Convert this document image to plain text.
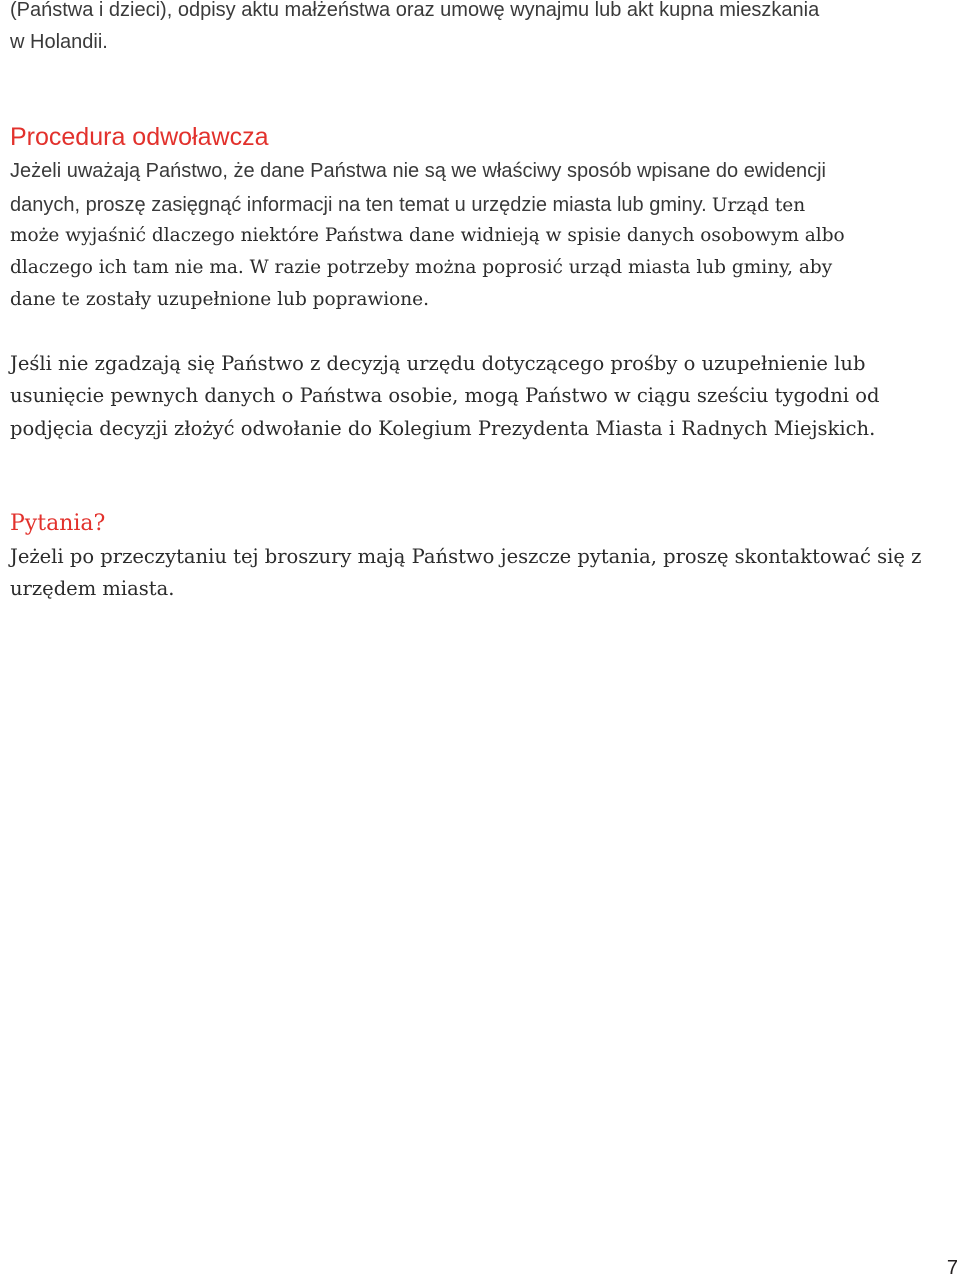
(Państwa i dzieci), odpisy aktu małżeństwa oraz umowę wynajmu lub akt kupna mieszkania
w Holandii.
Procedura odwoławcza
Jeżeli uważają Państwo, że dane Państwa nie są we właściwy sposób wpisane do ewidencji
danych, proszę zasięgnąć informacji na ten temat u urzędzie miasta lub gminy. Urząd ten
może wyjaśnić dlaczego niektóre Państwa dane widnieją w spisie danych osobowym albo
dlaczego ich tam nie ma. W razie potrzeby można poprosić urząd miasta lub gminy, aby
dane te zostały uzupełnione lub poprawione.
Jeśli nie zgadzają się Państwo z decyzją urzędu dotyczącego prośby o uzupełnienie lub
usunięcie pewnych danych o Państwa osobie, mogą Państwo w ciągu sześciu tygodni od
podjęcia decyzji złożyć odwołanie do Kolegium Prezydenta Miasta i Radnych Miejskich.
Pytania?
Jeżeli po przeczytaniu tej broszury mają Państwo jeszcze pytania, proszę skontaktować się z
urzędem miasta.
7
